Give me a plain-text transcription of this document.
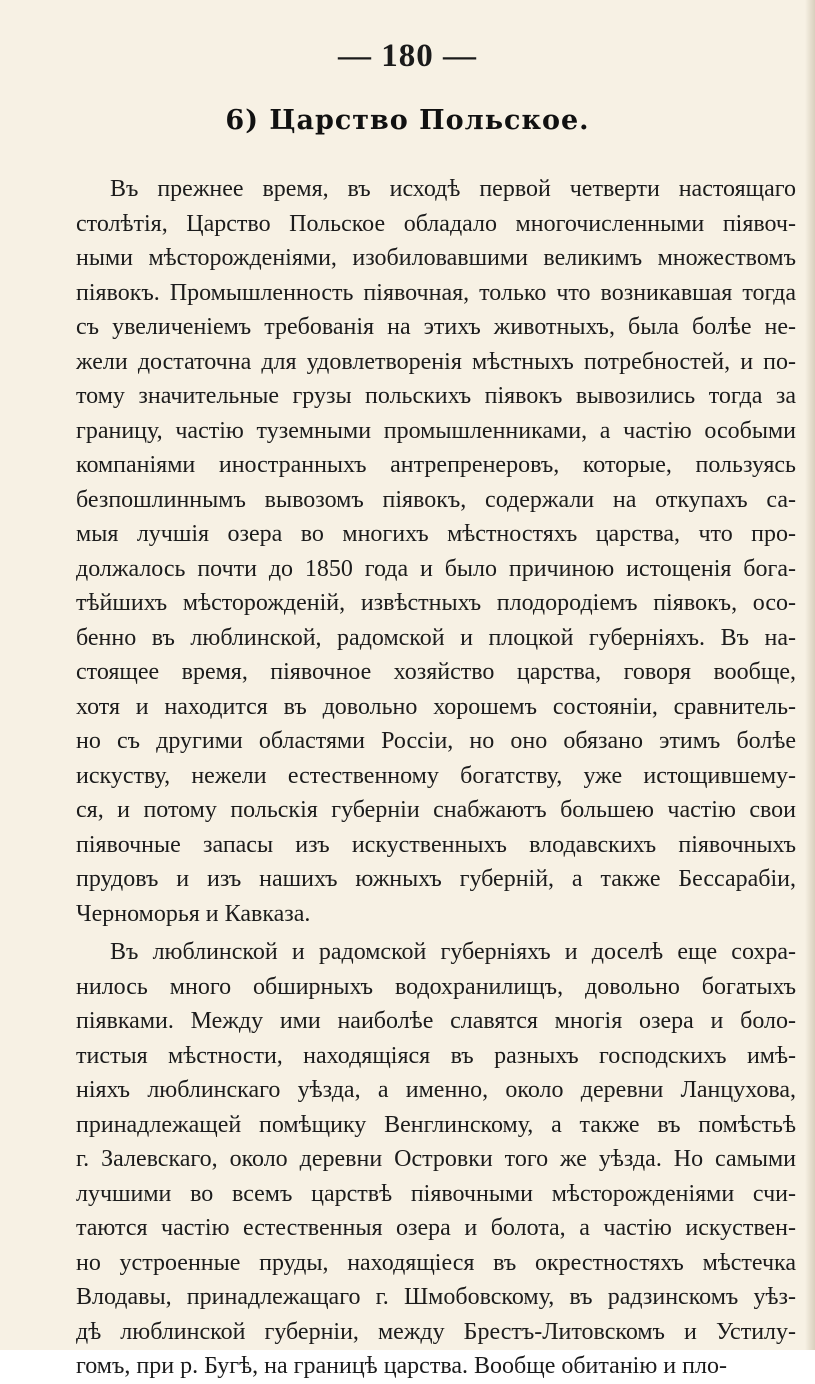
— 180 —
6) Царство Польское.
Въ прежнее время, въ исходѣ первой четверти настоящаго
столѣтія, Царство Польское обладало многочисленными піявоч-
ными мѣсторожденіями, изобиловавшими великимъ множествомъ
піявокъ. Промышленность піявочная, только что возникавшая тогда
съ увеличеніемъ требованія на этихъ животныхъ, была болѣе не-
жели достаточна для удовлетворенія мѣстныхъ потребностей, и по-
тому значительные грузы польскихъ піявокъ вывозились тогда за
границу, частію туземными промышленниками, а частію особыми
компаніями иностранныхъ антрепренеровъ, которые, пользуясь
безпошлиннымъ вывозомъ піявокъ, содержали на откупахъ са-
мыя лучшія озера во многихъ мѣстностяхъ царства, что про-
должалось почти до 1850 года и было причиною истощенія бога-
тѣйшихъ мѣсторожденій, извѣстныхъ плодородіемъ піявокъ, осо-
бенно въ люблинской, радомской и плоцкой губерніяхъ. Въ на-
стоящее время, піявочное хозяйство царства, говоря вообще,
хотя и находится въ довольно хорошемъ состояніи, сравнитель-
но съ другими областями Россіи, но оно обязано этимъ болѣе
искуству, нежели естественному богатству, уже истощившему-
ся, и потому польскія губерніи снабжаютъ большею частію свои
піявочные запасы изъ искуственныхъ влодавскихъ піявочныхъ
прудовъ и изъ нашихъ южныхъ губерній, а также Бессарабіи,
Черноморья и Кавказа.
Въ люблинской и радомской губерніяхъ и доселѣ еще сохра-
нилось много обширныхъ водохранилищъ, довольно богатыхъ
піявками. Между ими наиболѣе славятся многія озера и боло-
тистыя мѣстности, находящіяся въ разныхъ господскихъ имѣ-
ніяхъ люблинскаго уѣзда, а именно, около деревни Ланцухова,
принадлежащей помѣщику Венглинскому, а также въ помѣстьѣ
г. Залевскаго, около деревни Островки того же уѣзда. Но самыми
лучшими во всемъ царствѣ піявочными мѣсторожденіями счи-
таются частію естественныя озера и болота, а частію искуствен-
но устроенные пруды, находящіеся въ окрестностяхъ мѣстечка
Влодавы, принадлежащаго г. Шмобовскому, въ радзинскомъ уѣз-
дѣ люблинской губерніи, между Брестъ-Литовскомъ и Устилу-
гомъ, при р. Бугѣ, на границѣ царства. Вообще обитанію и пло-
